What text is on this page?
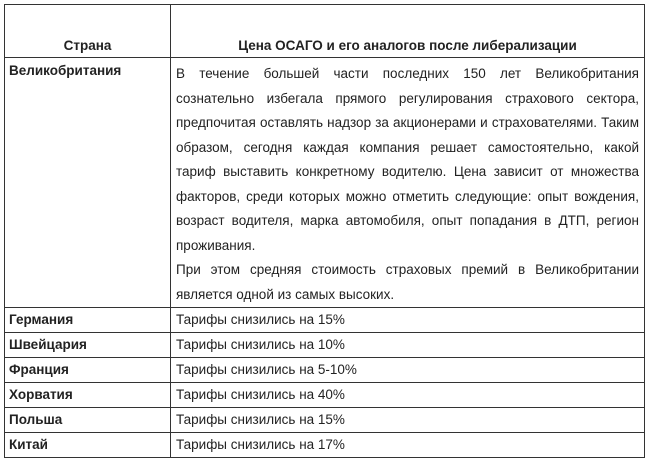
Страна	Цена ОСАГО и его аналогов после либерализации
Великобритания	В течение большей части последних 150 лет Великобритания сознательно избегала прямого регулирования страхового сектора, предпочитая оставлять надзор за акционерами и страхователями. Таким образом, сегодня каждая компания решает самостоятельно, какой тариф выставить конкретному водителю. Цена зависит от множества факторов, среди которых можно отметить следующие: опыт вождения, возраст водителя, марка автомобиля, опыт попадания в ДТП, регион проживания.

При этом средняя стоимость страховых премий в Великобритании является одной из самых высоких.

Германия	Тарифы снизились на 15%
Швейцария	Тарифы снизились на 10%
Франция	Тарифы снизились на 5-10%
Хорватия	Тарифы снизились на 40%
Польша	Тарифы снизились на 15%
Китай	Тарифы снизились на 17%
